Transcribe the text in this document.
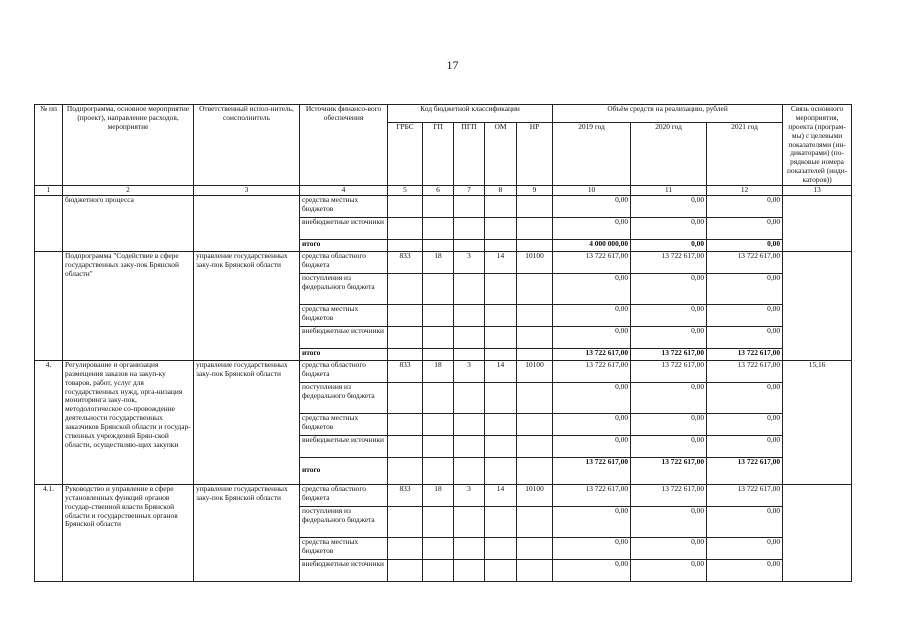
17
№ пп	Подпрограмма, основное мероприятие (проект), направление расходов, мероприятие	Ответственный испол-нитель, соисполнитель	Источник финансо-вого обеспечения	Код бюджетной классификации					Объём средств на реализацию, рублей			Связь основного мероприятия, проекта (програм-мы) с целевыми показателями (ин-дикаторами) (по-рядковые номера показателей (инди-каторов))
				ГРБС	ГП	ПГП	ОМ	НР	2019 год	2020 год	2021 год	
1	2	3	4	5	6	7	8	9	10	11	12	13
	бюджетного процесса		средства местных бюджетов						0,00	0,00	0,00	
			внебюджетные источники						0,00	0,00	0,00	
			итого						4 000 000,00	0,00	0,00	
	Подпрограмма "Содействие в сфере государственных заку-пок Брянской области"	управление государственных заку-пок Брянской области	средства областного бюджета	833	18	3	14	10100	13 722 617,00	13 722 617,00	13 722 617,00	
			поступления из федерального бюджета						0,00	0,00	0,00	
			средства местных бюджетов						0,00	0,00	0,00	
			внебюджетные источники						0,00	0,00	0,00	
			итого						13 722 617,00	13 722 617,00	13 722 617,00	
4.	Регулирование и организация размещения заказов на закуп-ку товаров, работ, услуг для государственных нужд, орга-низация мониторинга заку-пок, методологическое со-провождение деятельности государственных заказчиков Брянской области и государ-ственных учреждений Брян-ской области, осуществляю-щих закупки	управление государственных заку-пок Брянской области	средства областного бюджета	833	18	3	14	10100	13 722 617,00	13 722 617,00	13 722 617,00	15,16
			поступления из федерального бюджета						0,00	0,00	0,00	
			средства местных бюджетов						0,00	0,00	0,00	
			внебюджетные источники						0,00	0,00	0,00	
			итого						13 722 617,00	13 722 617,00	13 722 617,00	
4.1.	Руководство и управление в сфере установленных функций органов государ-ственной власти Брянской области и государственных органов Брянской области	управление государственных заку-пок Брянской области	средства областного бюджета	833	18	3	14	10100	13 722 617,00	13 722 617,00	13 722 617,00	
			поступления из федерального бюджета						0,00	0,00	0,00	
			средства местных бюджетов						0,00	0,00	0,00	
			внебюджетные источники						0,00	0,00	0,00	
